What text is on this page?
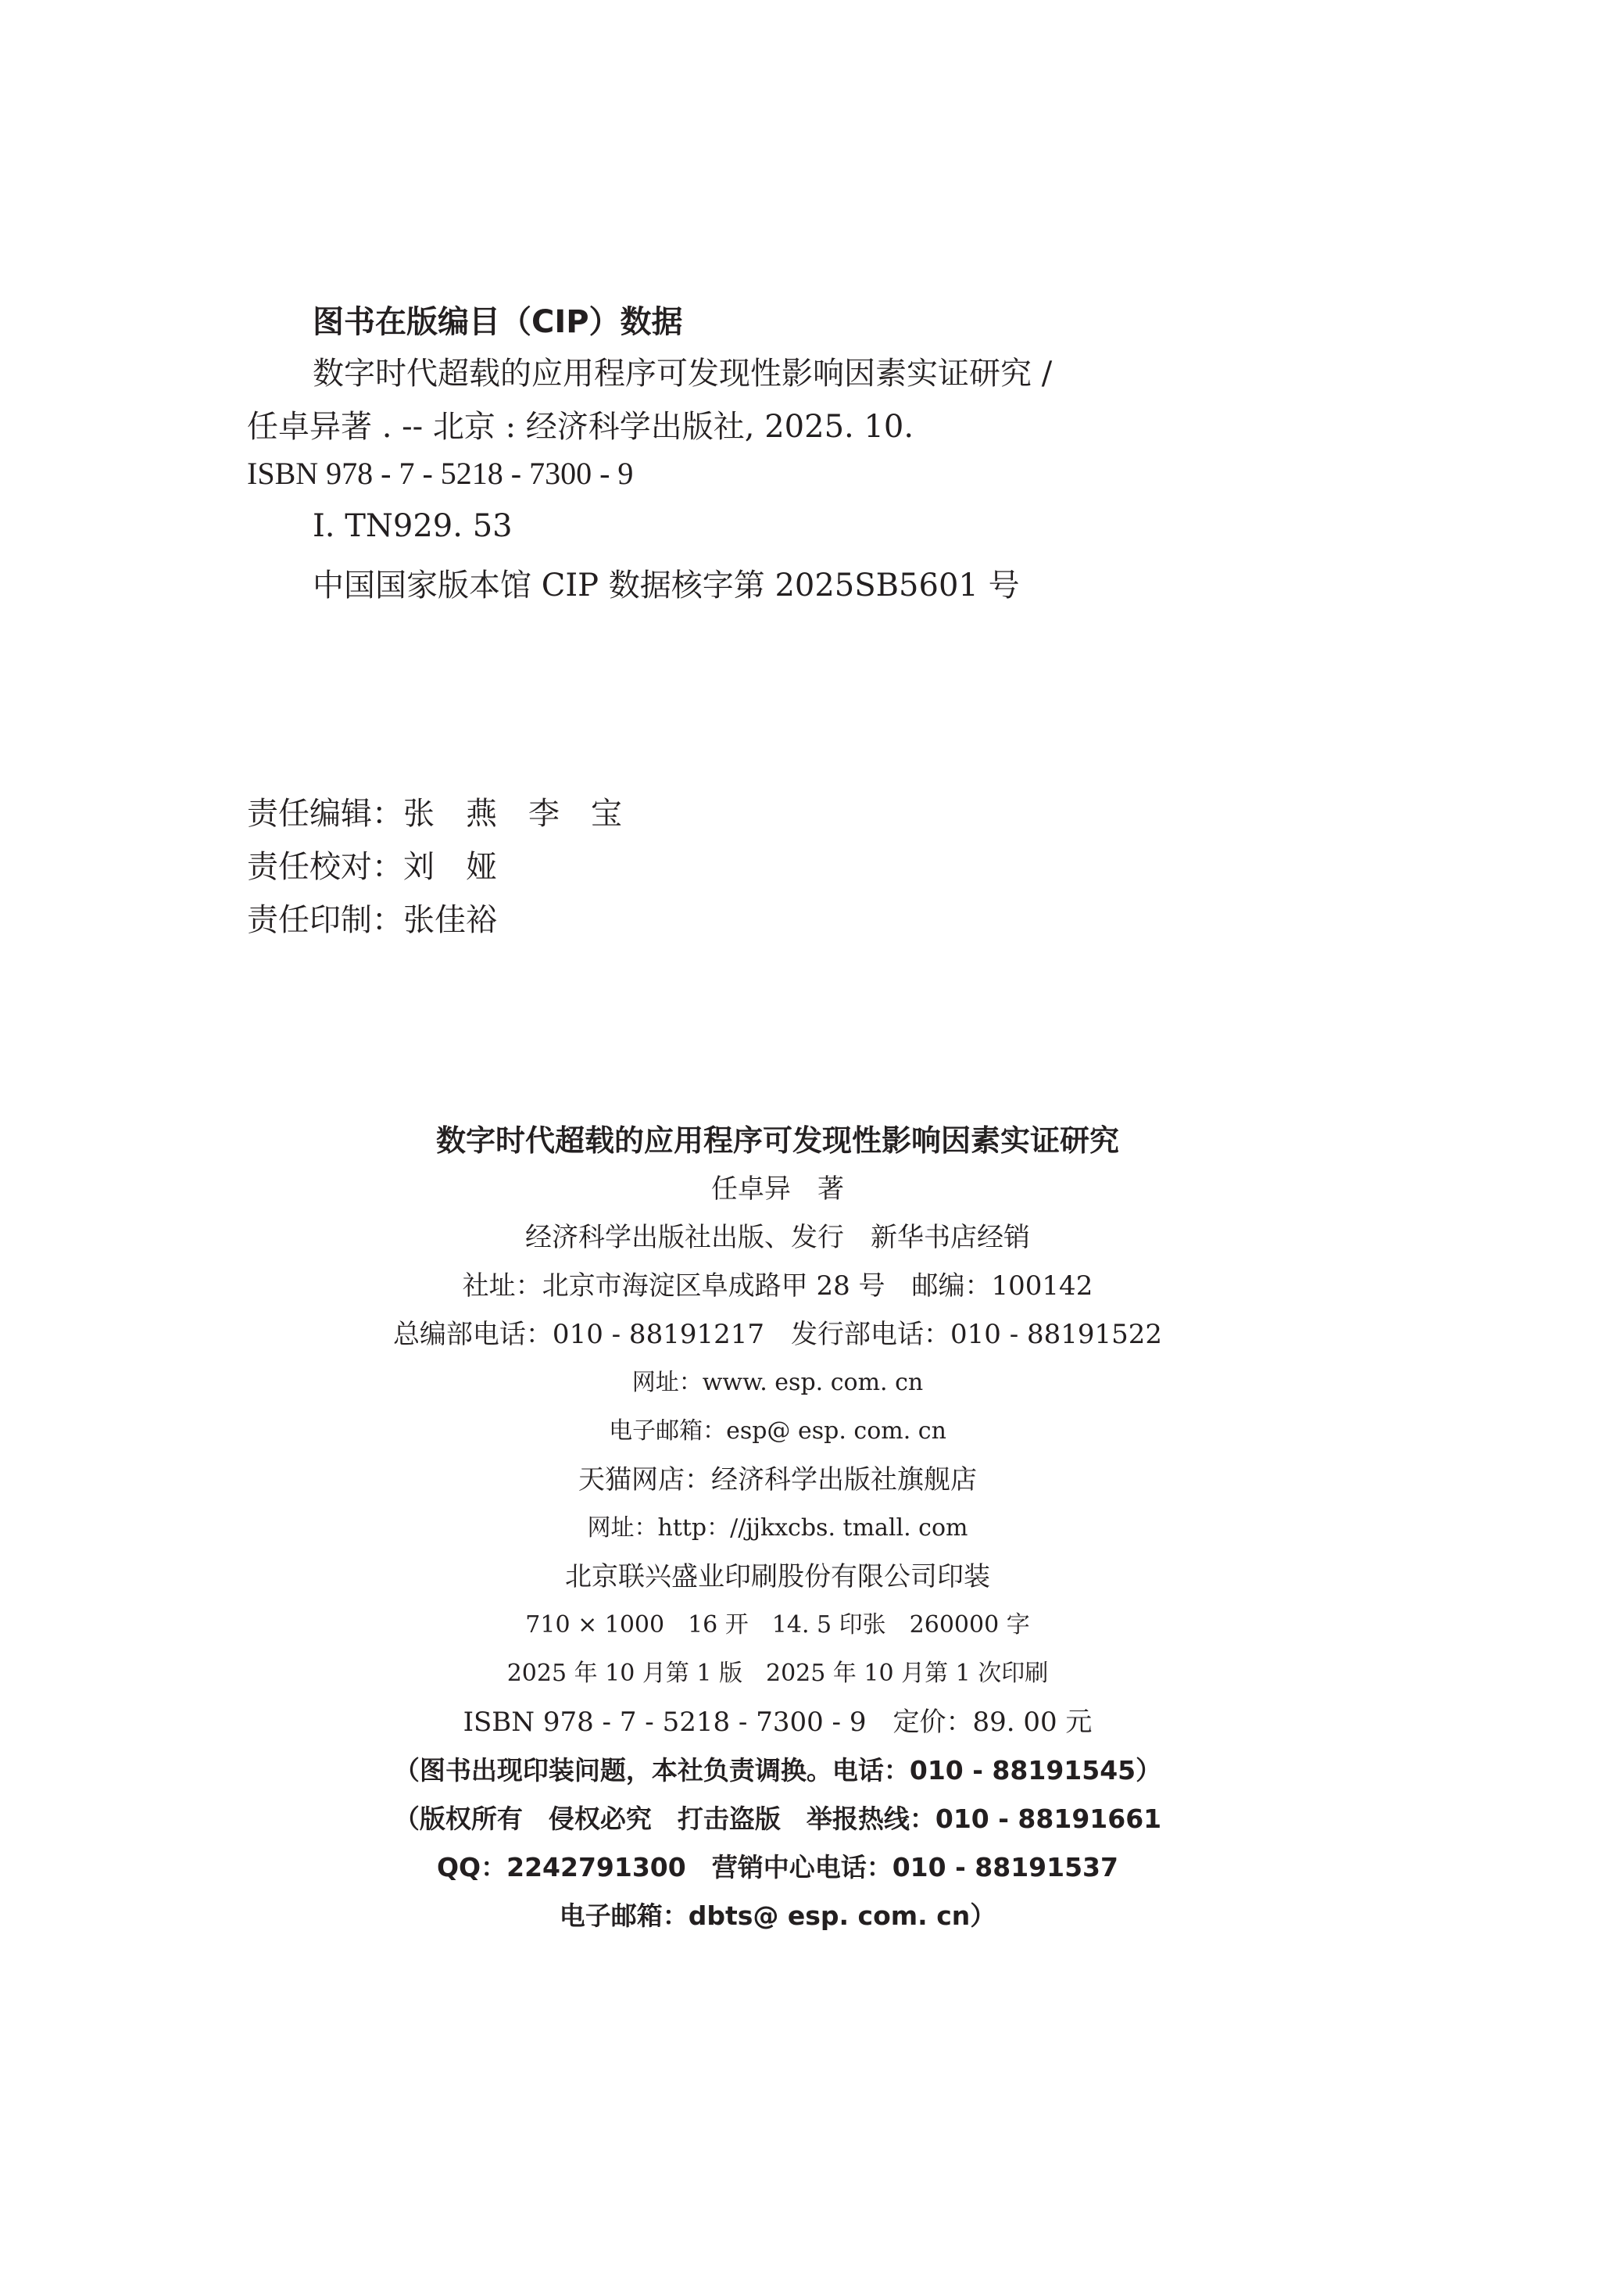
图书在版编目（CIP）数据
数字时代超载的应用程序可发现性影响因素实证研究 /
任卓异著 . -- 北京 : 经济科学出版社, 2025. 10.
ISBN 978 - 7 - 5218 - 7300 - 9
Ⅰ. TN929. 53
中国国家版本馆 CIP 数据核字第 2025SB5601 号
责任编辑：张　燕　李　宝
责任校对：刘　娅
责任印制：张佳裕
数字时代超载的应用程序可发现性影响因素实证研究
任卓异　著
经济科学出版社出版、发行　新华书店经销
社址：北京市海淀区阜成路甲 28 号　邮编：100142
总编部电话：010 - 88191217　发行部电话：010 - 88191522
网址：www. esp. com. cn
电子邮箱：esp@ esp. com. cn
天猫网店：经济科学出版社旗舰店
网址：http：//jjkxcbs. tmall. com
北京联兴盛业印刷股份有限公司印装
710 × 1000　16 开　14. 5 印张　260000 字
2025 年 10 月第 1 版　2025 年 10 月第 1 次印刷
ISBN 978 - 7 - 5218 - 7300 - 9　定价：89. 00 元
（图书出现印装问题，本社负责调换。电话：010 - 88191545）
（版权所有　侵权必究　打击盗版　举报热线：010 - 88191661
QQ：2242791300　营销中心电话：010 - 88191537
电子邮箱：dbts@ esp. com. cn）
